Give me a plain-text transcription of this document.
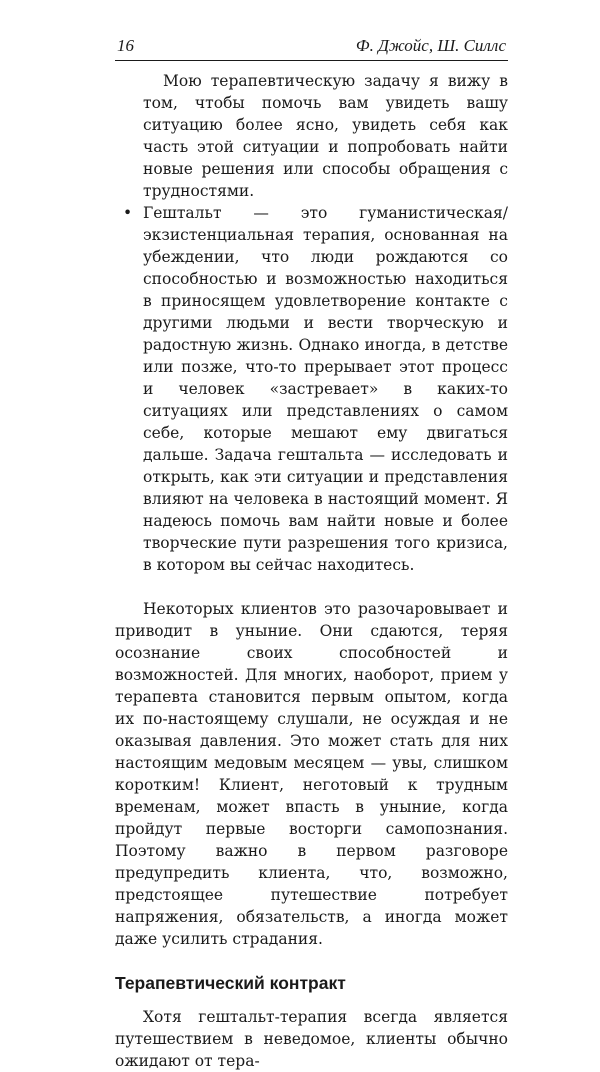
16	Ф. Джойс, Ш. Силлс

Мою терапевтическую задачу я вижу в том, чтобы помочь вам увидеть вашу ситуацию более ясно, увидеть себя как часть этой ситуации и попробовать найти новые решения или способы обращения с трудностями.

• Гештальт — это гуманистическая/экзистенциальная терапия, основанная на убеждении, что люди рождаются со способностью и возможностью находиться в приносящем удовлетворение контакте с другими людьми и вести творческую и радостную жизнь. Однако иногда, в детстве или позже, что-то прерывает этот процесс и человек «застревает» в каких-то ситуациях или представлениях о самом себе, которые мешают ему двигаться дальше. Задача гештальта — исследовать и открыть, как эти ситуации и представления влияют на человека в настоящий момент. Я надеюсь помочь вам найти новые и более творческие пути разрешения того кризиса, в котором вы сейчас находитесь.

Некоторых клиентов это разочаровывает и приводит в уныние. Они сдаются, теряя осознание своих способностей и возможностей. Для многих, наоборот, прием у терапевта становится первым опытом, когда их по-настоящему слушали, не осуждая и не оказывая давления. Это может стать для них настоящим медовым месяцем — увы, слишком коротким! Клиент, неготовый к трудным временам, может впасть в уныние, когда пройдут первые восторги самопознания. Поэтому важно в первом разговоре предупредить клиента, что, возможно, предстоящее путешествие потребует напряжения, обязательств, а иногда может даже усилить страдания.

Терапевтический контракт

Хотя гештальт-терапия всегда является путешествием в неведомое, клиенты обычно ожидают от тера-
